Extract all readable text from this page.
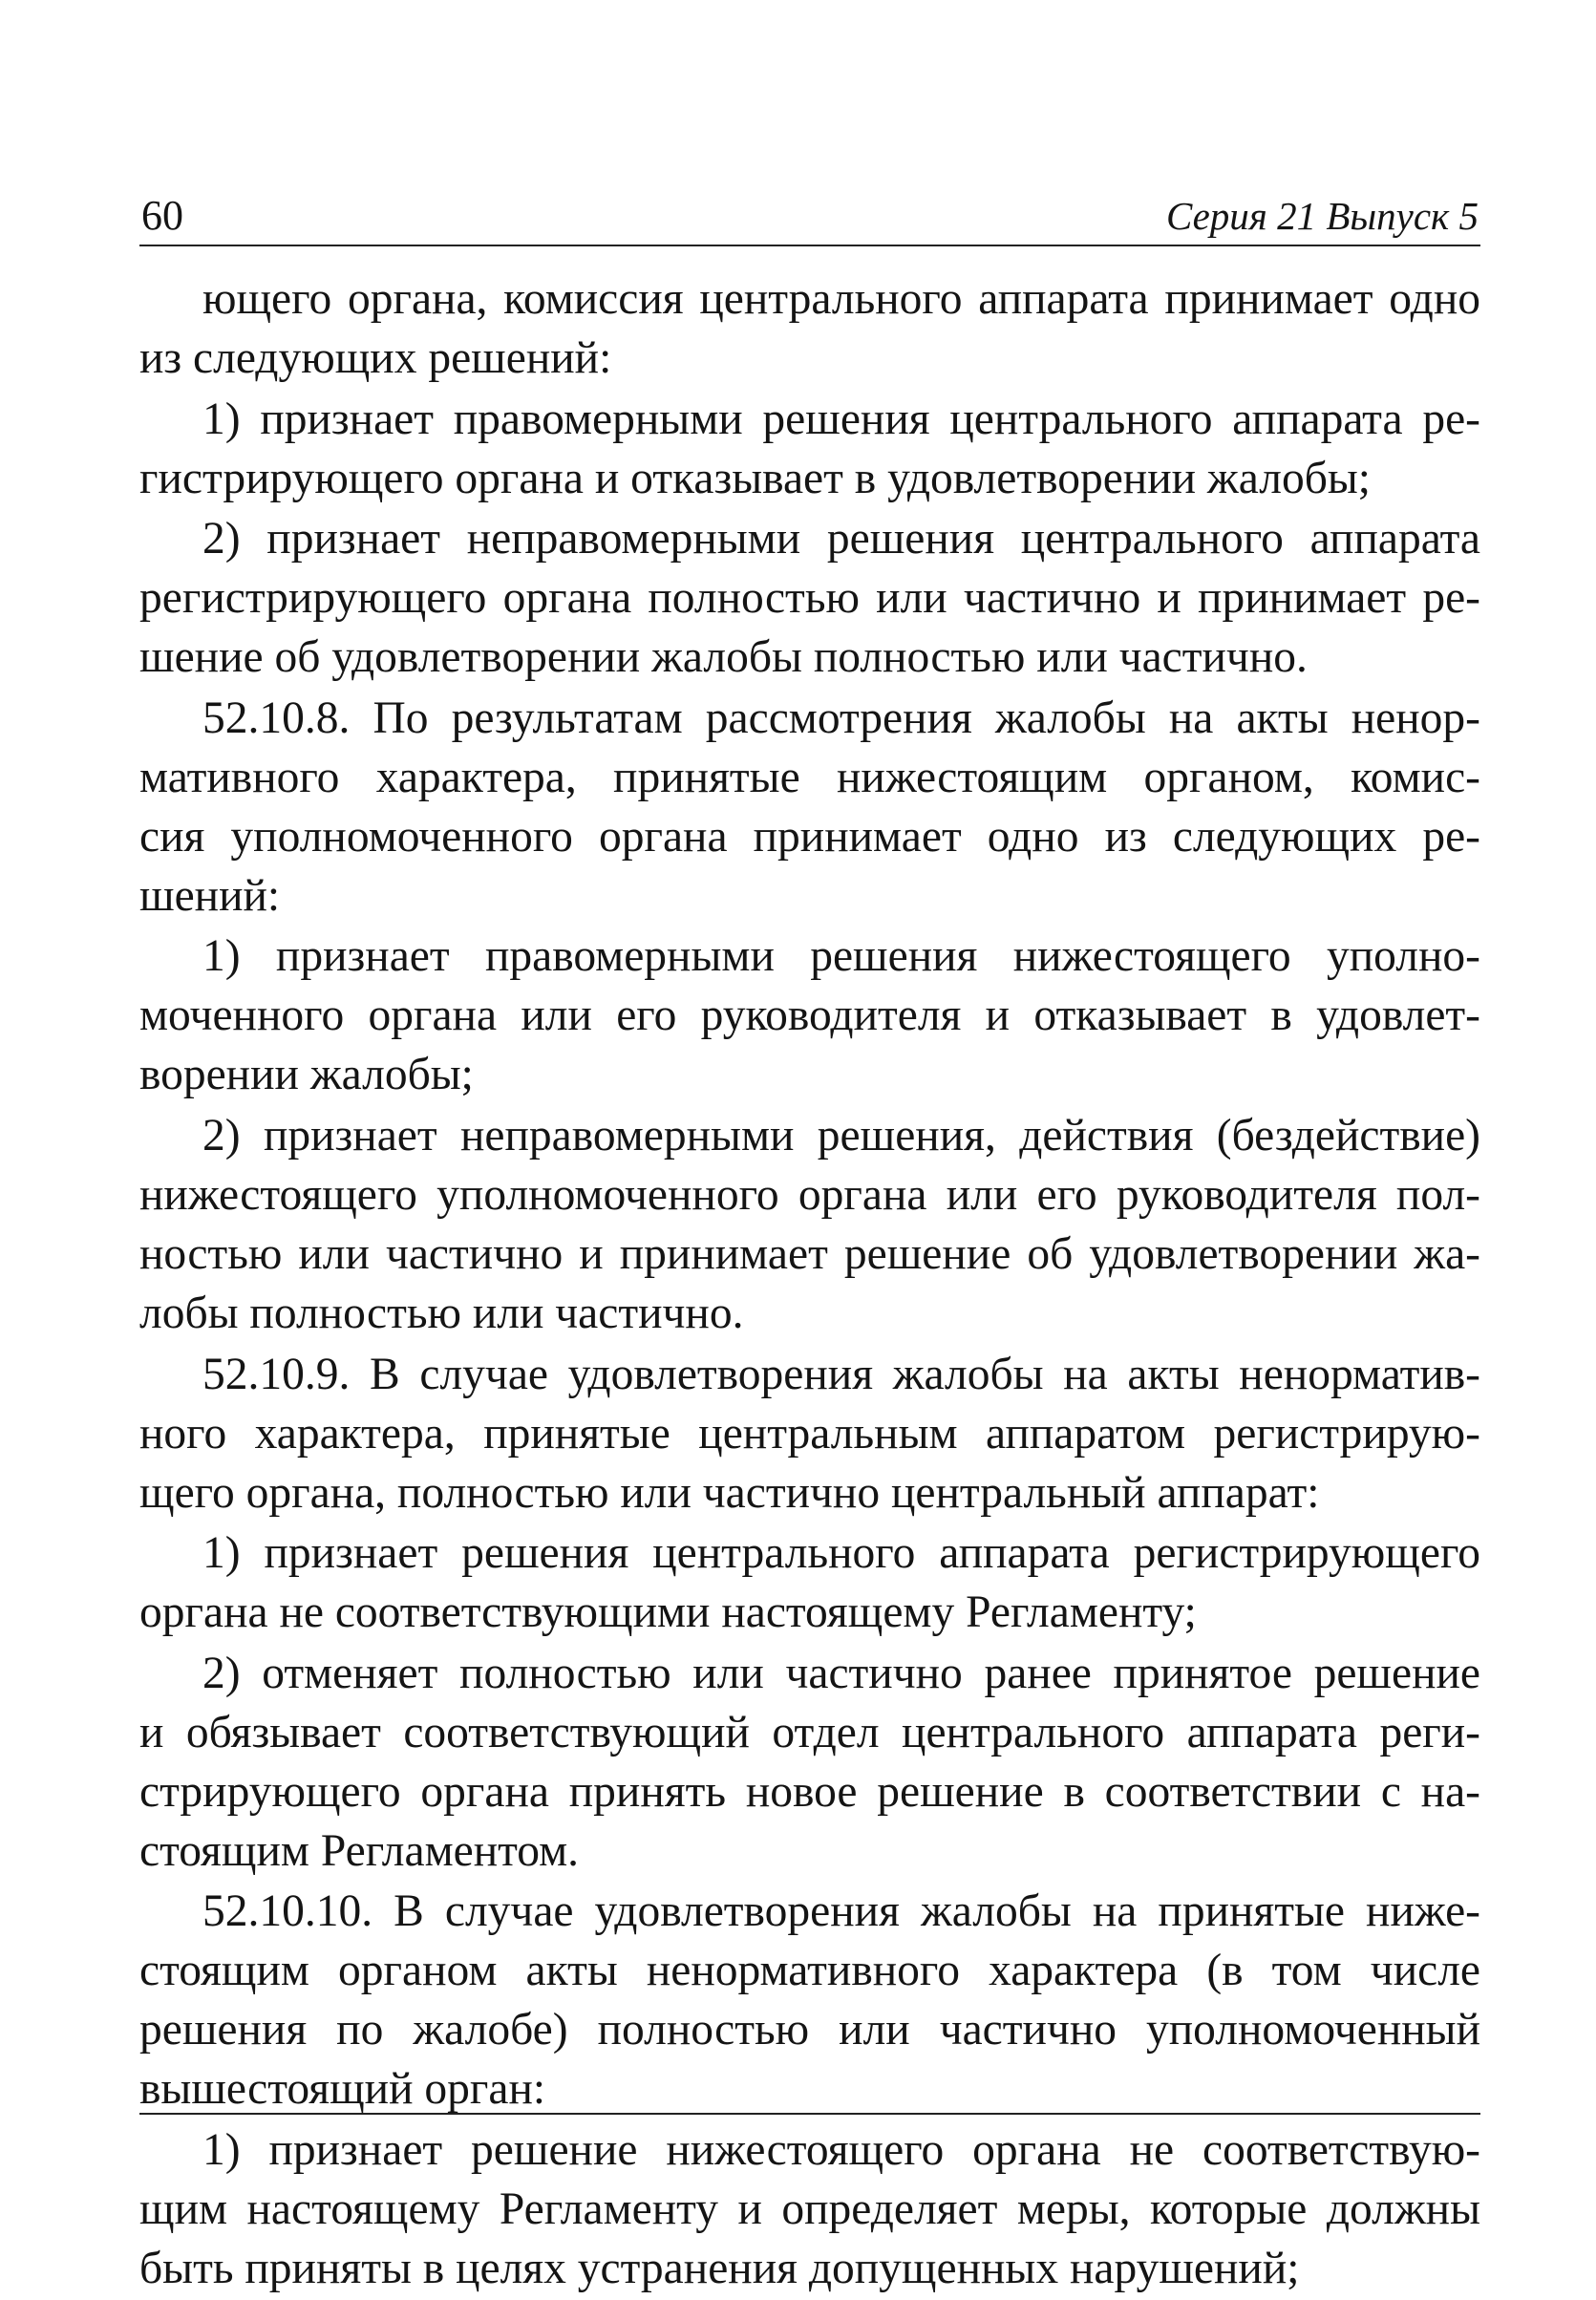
60	Серия 21 Выпуск 5
ющего органа, комиссия центрального аппарата принимает одно
из следующих решений:
1) признает правомерными решения центрального аппарата ре-
гистрирующего органа и отказывает в удовлетворении жалобы;
2) признает неправомерными решения центрального аппарата
регистрирующего органа полностью или частично и принимает ре-
шение об удовлетворении жалобы полностью или частично.
52.10.8. По результатам рассмотрения жалобы на акты ненор-
мативного характера, принятые нижестоящим органом, комис-
сия уполномоченного органа принимает одно из следующих ре-
шений:
1) признает правомерными решения нижестоящего уполно-
моченного органа или его руководителя и отказывает в удовлет-
ворении жалобы;
2) признает неправомерными решения, действия (бездействие)
нижестоящего уполномоченного органа или его руководителя пол-
ностью или частично и принимает решение об удовлетворении жа-
лобы полностью или частично.
52.10.9. В случае удовлетворения жалобы на акты ненорматив-
ного характера, принятые центральным аппаратом регистрирую-
щего органа, полностью или частично центральный аппарат:
1) признает решения центрального аппарата регистрирующего
органа не соответствующими настоящему Регламенту;
2) отменяет полностью или частично ранее принятое решение
и обязывает соответствующий отдел центрального аппарата реги-
стрирующего органа принять новое решение в соответствии с на-
стоящим Регламентом.
52.10.10. В случае удовлетворения жалобы на принятые ниже-
стоящим органом акты ненормативного характера (в том числе
решения по жалобе) полностью или частично уполномоченный
вышестоящий орган:
1) признает решение нижестоящего органа не соответствую-
щим настоящему Регламенту и определяет меры, которые должны
быть приняты в целях устранения допущенных нарушений;
